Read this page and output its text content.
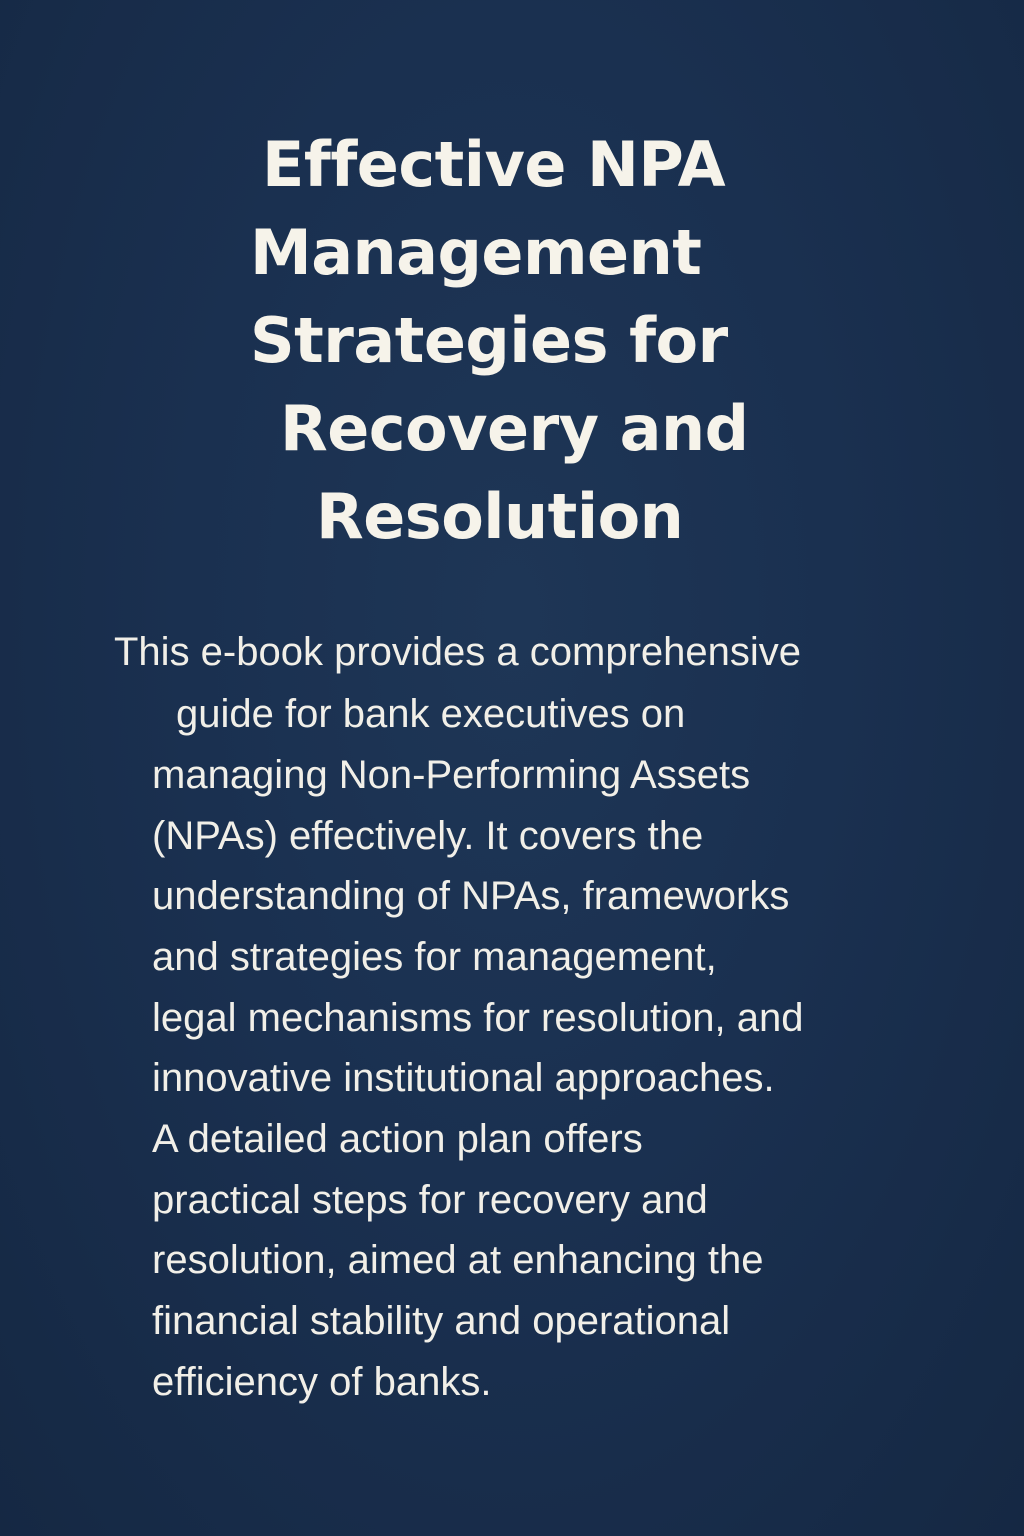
Effective NPA
Management
Strategies for
Recovery and
Resolution

This e-book provides a comprehensive

guide for bank executives on

managing Non-Performing Assets

(NPAs) effectively. It covers the

understanding of NPAs, frameworks

and strategies for management,

legal mechanisms for resolution, and

innovative institutional approaches.

A detailed action plan offers

practical steps for recovery and

resolution, aimed at enhancing the

financial stability and operational

efficiency of banks.
